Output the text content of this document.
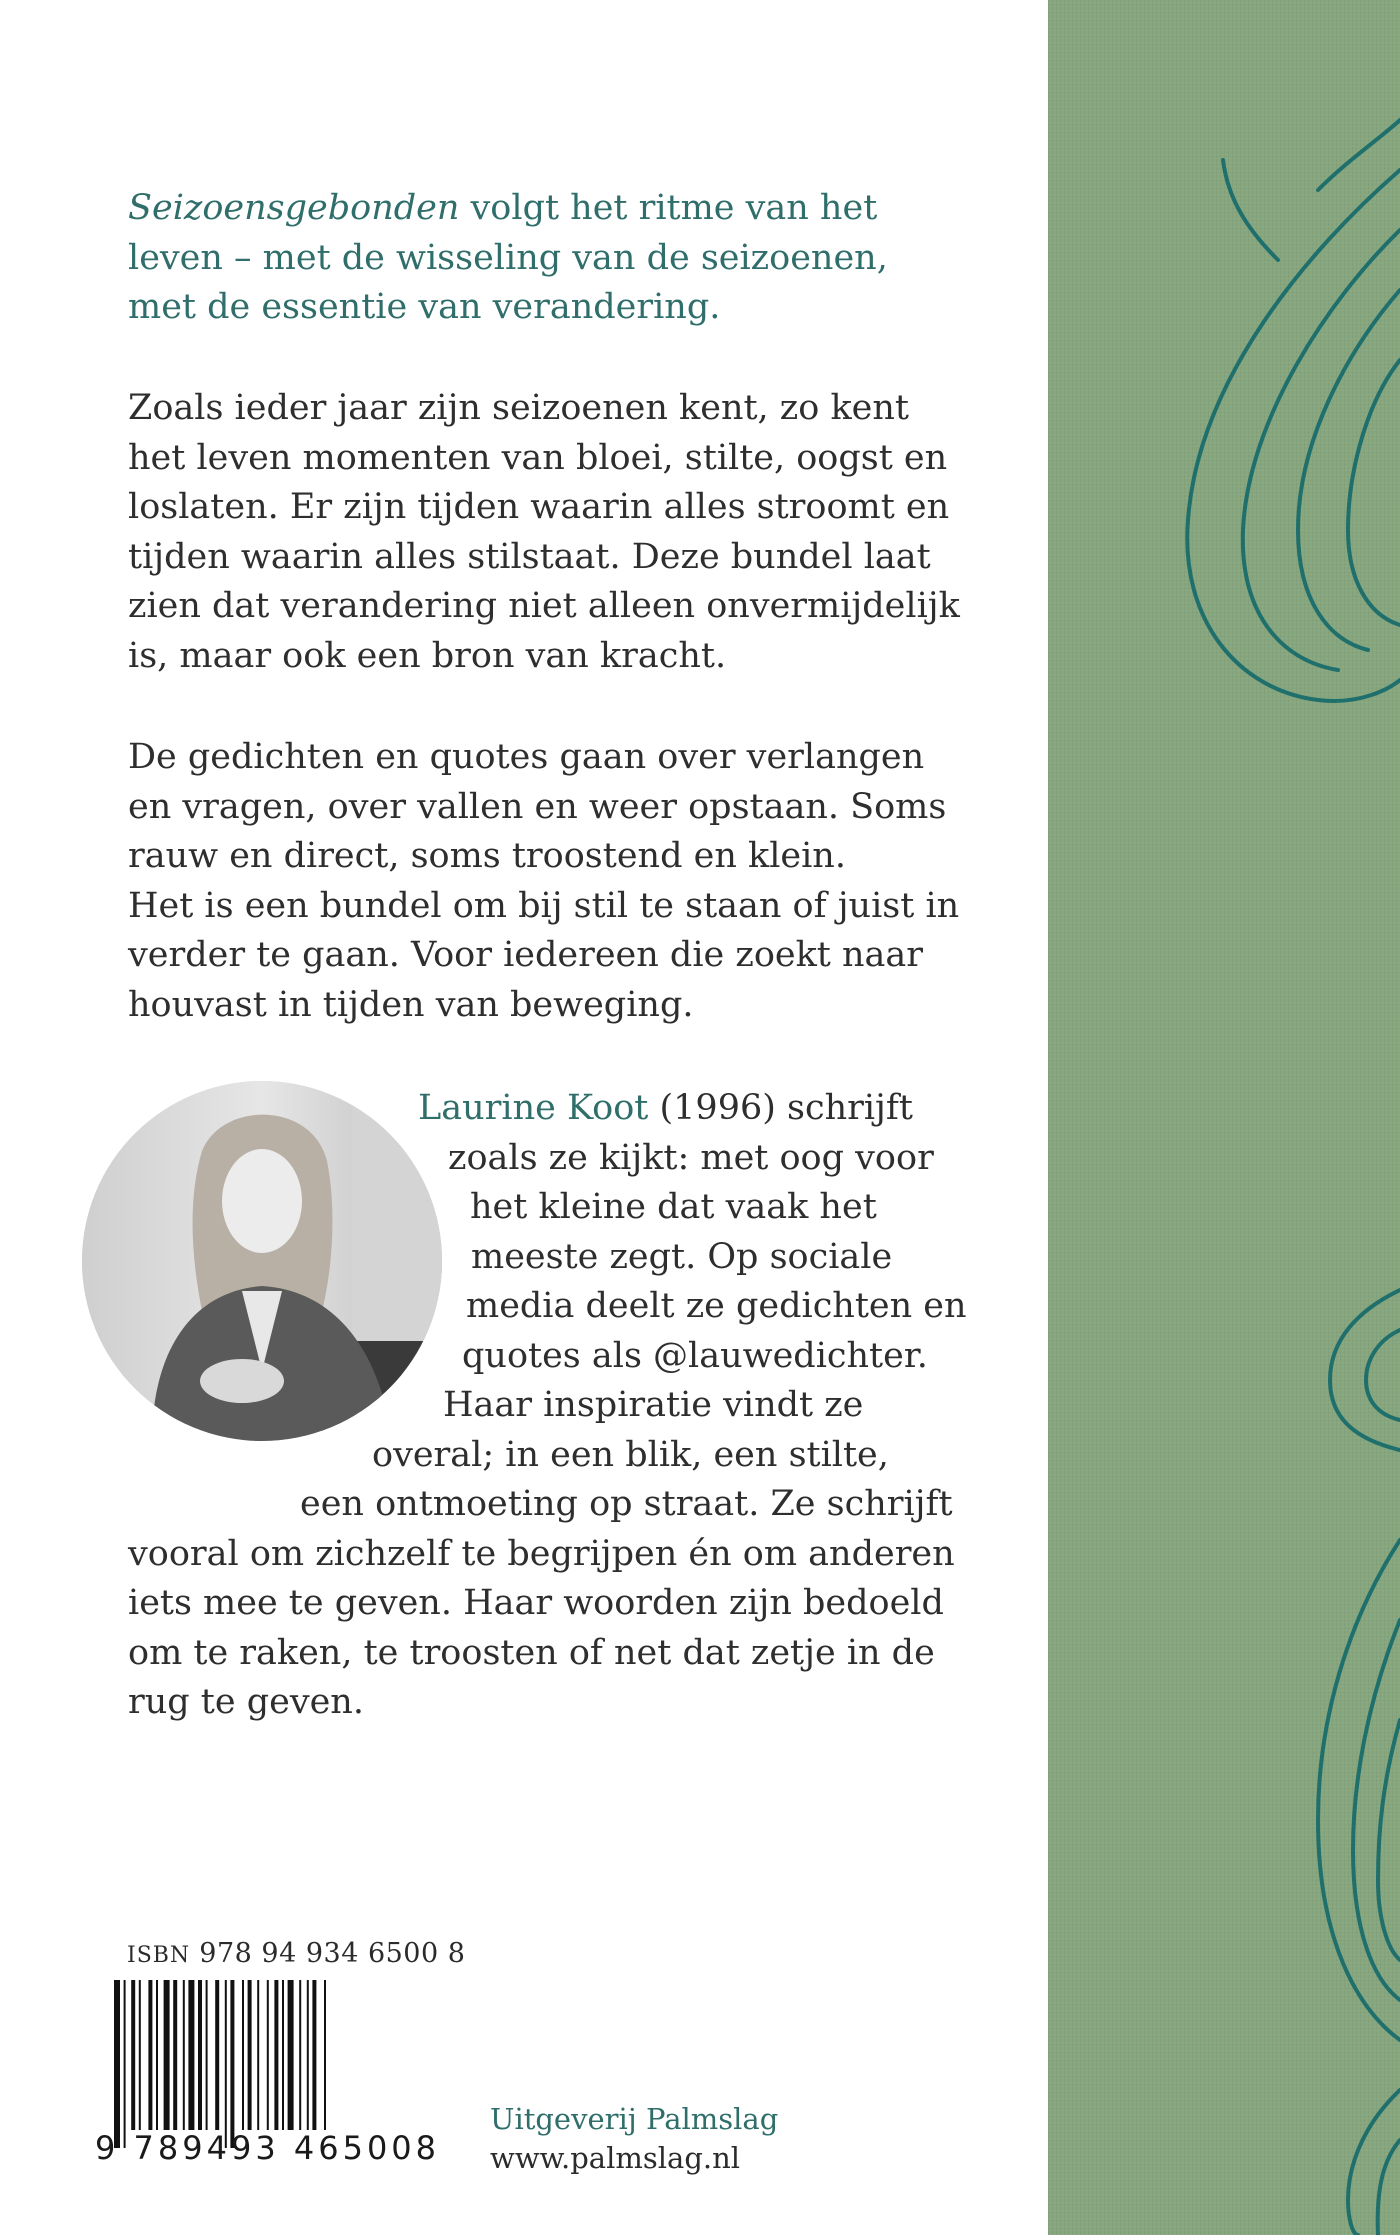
Seizoensgebonden volgt het ritme van het

leven – met de wisseling van de seizoenen,

met de essentie van verandering.

Zoals ieder jaar zijn seizoenen kent, zo kent

het leven momenten van bloei, stilte, oogst en

loslaten. Er zijn tijden waarin alles stroomt en

tijden waarin alles stilstaat. Deze bundel laat

zien dat verandering niet alleen onvermijdelijk

is, maar ook een bron van kracht.

De gedichten en quotes gaan over verlangen

en vragen, over vallen en weer opstaan. Soms

rauw en direct, soms troostend en klein.

Het is een bundel om bij stil te staan of juist in

verder te gaan. Voor iedereen die zoekt naar

houvast in tijden van beweging.

Laurine Koot (1996) schrijft

zoals ze kijkt: met oog voor

het kleine dat vaak het

meeste zegt. Op sociale

media deelt ze gedichten en

quotes als @lauwedichter.

Haar inspiratie vindt ze

overal; in een blik, een stilte,

een ontmoeting op straat. Ze schrijft

vooral om zichzelf te begrijpen én om anderen

iets mee te geven. Haar woorden zijn bedoeld

om te raken, te troosten of net dat zetje in de

rug te geven.

ISBN 978 94 934 6500 8
9 789493 465008
Uitgeverij Palmslag
www.palmslag.nl
